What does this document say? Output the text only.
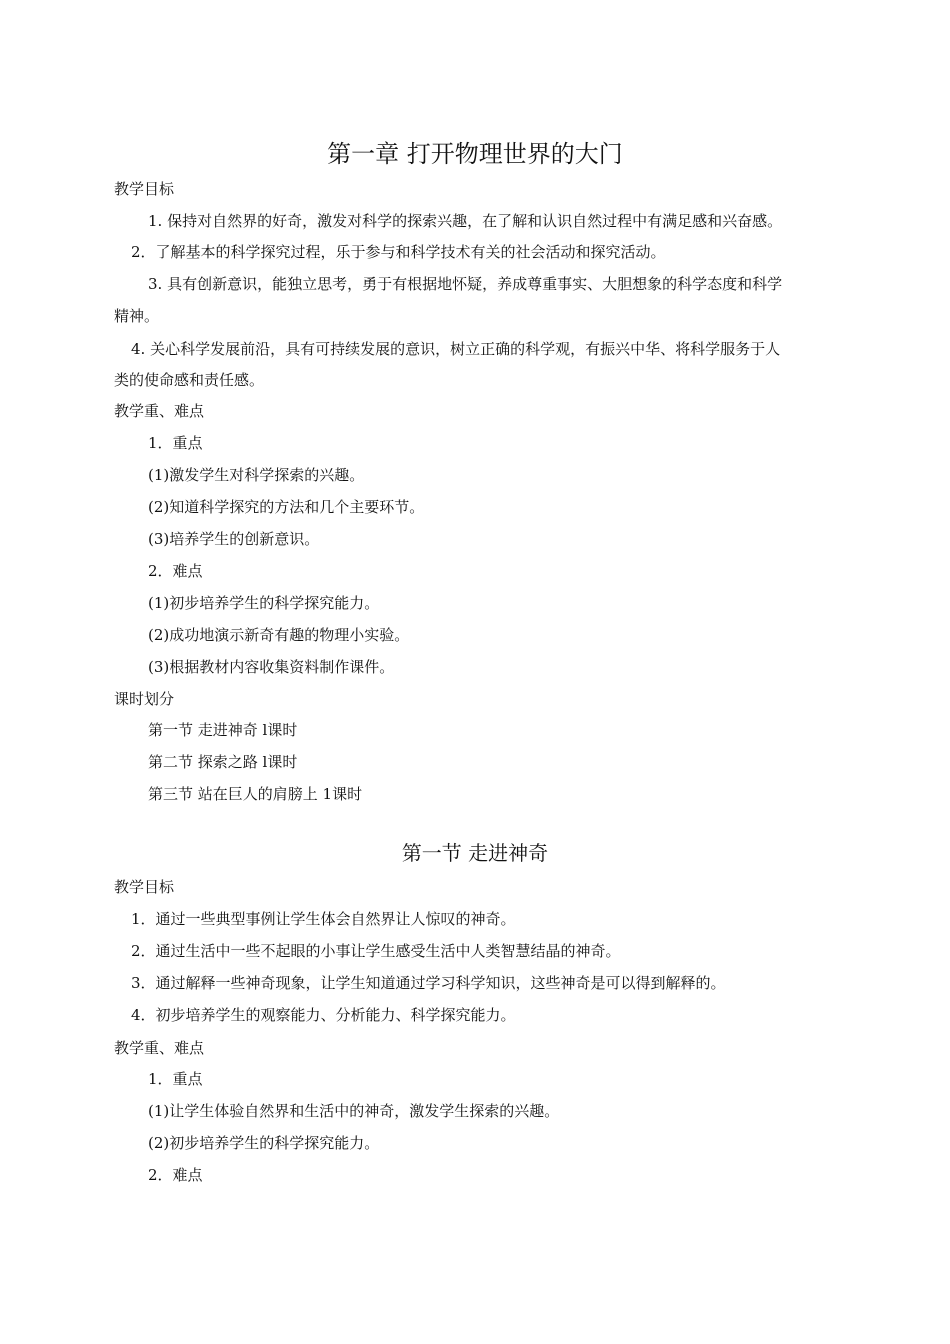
第一章 打开物理世界的大门
教学目标
1. 保持对自然界的好奇，激发对科学的探索兴趣，在了解和认识自然过程中有满足感和兴奋感。
2．了解基本的科学探究过程，乐于参与和科学技术有关的社会活动和探究活动。
3. 具有创新意识，能独立思考，勇于有根据地怀疑，养成尊重事实、大胆想象的科学态度和科学
精神。
4. 关心科学发展前沿，具有可持续发展的意识，树立正确的科学观，有振兴中华、将科学服务于人
类的使命感和责任感。
教学重、难点
1．重点
(1)激发学生对科学探索的兴趣。
(2)知道科学探究的方法和几个主要环节。
(3)培养学生的创新意识。
2．难点
(1)初步培养学生的科学探究能力。
(2)成功地演示新奇有趣的物理小实验。
(3)根据教材内容收集资料制作课件。
课时划分
第一节 走进神奇 l课时
第二节 探索之路 l课时
第三节 站在巨人的肩膀上 1课时
第一节 走进神奇
教学目标
1．通过一些典型事例让学生体会自然界让人惊叹的神奇。
2．通过生活中一些不起眼的小事让学生感受生活中人类智慧结晶的神奇。
3．通过解释一些神奇现象，让学生知道通过学习科学知识，这些神奇是可以得到解释的。
4．初步培养学生的观察能力、分析能力、科学探究能力。
教学重、难点
1．重点
(1)让学生体验自然界和生活中的神奇，激发学生探索的兴趣。
(2)初步培养学生的科学探究能力。
2．难点
